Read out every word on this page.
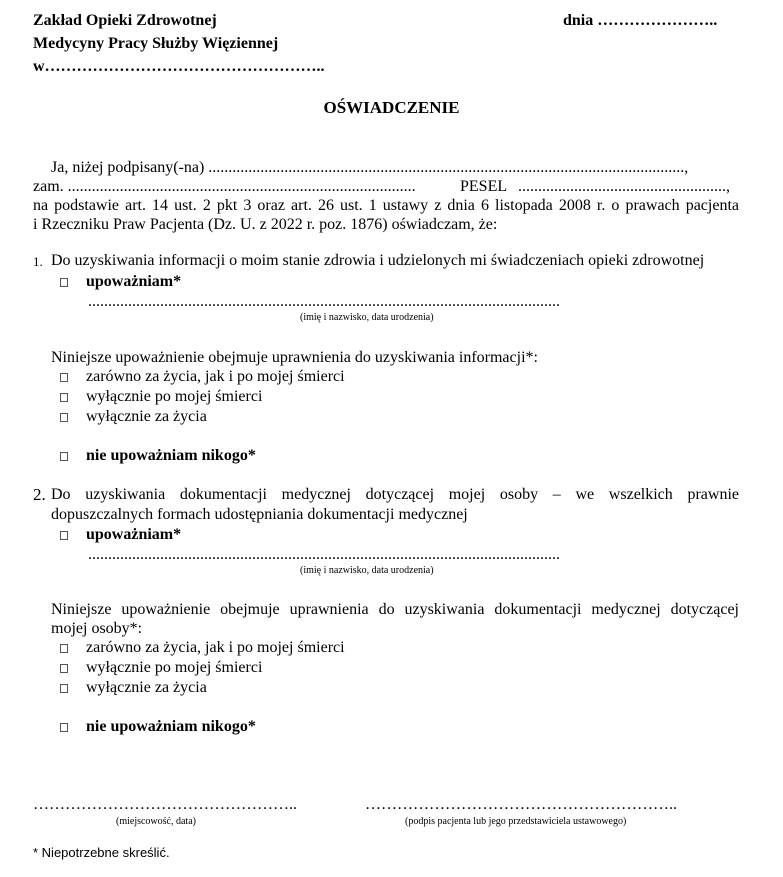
Zakład Opieki Zdrowotnej
Medycyny Pracy Służby Więziennej
w……………………………………………..
dnia …………………..
OŚWIADCZENIE
Ja, niżej podpisany(-na) .......................................................................................................................,
zam. .......................................................................................	PESEL ....................................................,
na podstawie art. 14 ust. 2 pkt 3 oraz art. 26 ust. 1 ustawy z dnia 6 listopada 2008 r. o prawach pacjenta
i Rzeczniku Praw Pacjenta (Dz. U. z 2022 r. poz. 1876) oświadczam, że:
1. Do uzyskiwania informacji o moim stanie zdrowia i udzielonych mi świadczeniach opieki zdrowotnej
upoważniam*
......................................................................................................................
(imię i nazwisko, data urodzenia)
Niniejsze upoważnienie obejmuje uprawnienia do uzyskiwania informacji*:
zarówno za życia, jak i po mojej śmierci
wyłącznie po mojej śmierci
wyłącznie za życia
nie upoważniam nikogo*
2. Do uzyskiwania dokumentacji medycznej dotyczącej mojej osoby – we wszelkich prawnie
dopuszczalnych formach udostępniania dokumentacji medycznej
upoważniam*
......................................................................................................................
(imię i nazwisko, data urodzenia)
Niniejsze upoważnienie obejmuje uprawnienia do uzyskiwania dokumentacji medycznej dotyczącej
mojej osoby*:
zarówno za życia, jak i po mojej śmierci
wyłącznie po mojej śmierci
wyłącznie za życia
nie upoważniam nikogo*
…………………………………………..
(miejscowość, data)
…………………………………………………..
(podpis pacjenta lub jego przedstawiciela ustawowego)
* Niepotrzebne skreślić.
